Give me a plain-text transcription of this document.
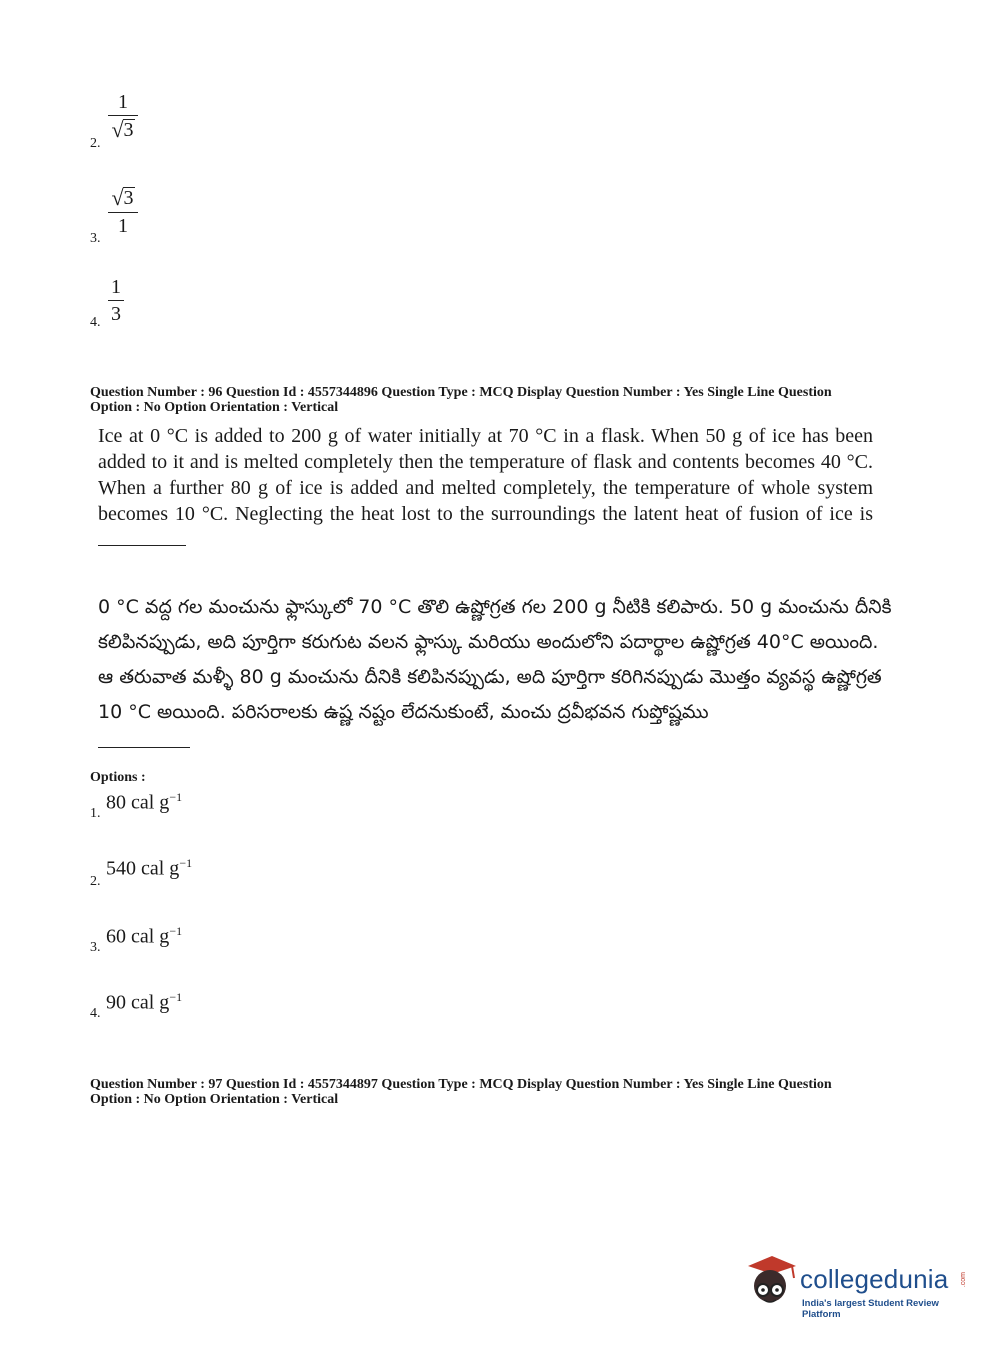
2.
1
√ 3
3.
√ 3
1
4.
1
3
Question Number : 96 Question Id : 4557344896 Question Type : MCQ Display Question Number : Yes Single Line Question
Option : No Option Orientation : Vertical
Ice at 0 °C is added to 200 g of water initially at 70 °C in a flask. When 50 g of ice has been added to it and is melted completely then the temperature of flask and contents becomes 40 °C. When a further 80 g of ice is added and melted completely, the temperature of whole system becomes 10 °C. Neglecting the heat lost to the surroundings the latent heat of fusion of ice is
0 °C వద్ద గల మంచును ఫ్లాస్కులో 70 °C తొలి ఉష్ణోగ్రత గల 200 g నీటికి కలిపారు. 50 g మంచును దీనికి కలిపినప్పుడు, అది పూర్తిగా కరుగుట వలన ఫ్లాస్కు మరియు అందులోని పదార్థాల ఉష్ణోగ్రత 40°C అయింది. ఆ తరువాత మళ్ళీ 80 g మంచును దీనికి కలిపినప్పుడు, అది పూర్తిగా కరిగినప్పుడు మొత్తం వ్యవస్థ ఉష్ణోగ్రత 10 °C అయింది. పరిసరాలకు ఉష్ణ నష్టం లేదనుకుంటే, మంచు ద్రవీభవన గుప్తోష్ణము
Options :
1. 80 cal $g^{-1}$
2.
540 cal $g^{-1}$
3. 60 cal $g^{-1}$
4. 90 cal $g^{-1}$
Question Number : 97 Question Id : 4557344897 Question Type : MCQ Display Question Number : Yes Single Line Question
Option : No Option Orientation : Vertical
collegedunia .com
India's largest Student Review Platform
